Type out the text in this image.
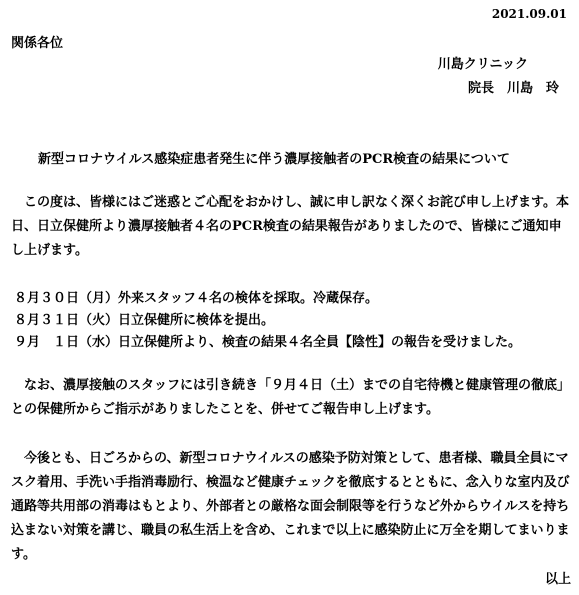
2021.09.01
関係各位
川島クリニック
院長　川島　玲
新型コロナウイルス感染症患者発生に伴う濃厚接触者のPCR検査の結果について
　この度は、皆様にはご迷惑とご心配をおかけし、誠に申し訳なく深くお詫び申し上げます。本日、日立保健所より濃厚接触者４名のPCR検査の結果報告がありましたので、皆様にご通知申し上げます。
８月３０日（月）外来スタッフ４名の検体を採取。冷蔵保存。
８月３１日（火）日立保健所に検体を提出。
９月　１日（水）日立保健所より、検査の結果４名全員【陰性】の報告を受けました。
　なお、濃厚接触のスタッフには引き続き「９月４日（土）までの自宅待機と健康管理の徹底」との保健所からご指示がありましたことを、併せてご報告申し上げます。
　今後とも、日ごろからの、新型コロナウイルスの感染予防対策として、患者様、職員全員にマスク着用、手洗い手指消毒励行、検温など健康チェックを徹底するとともに、念入りな室内及び通路等共用部の消毒はもとより、外部者との厳格な面会制限等を行うなど外からウイルスを持ち込まない対策を講じ、職員の私生活上を含め、これまで以上に感染防止に万全を期してまいります。
以上
